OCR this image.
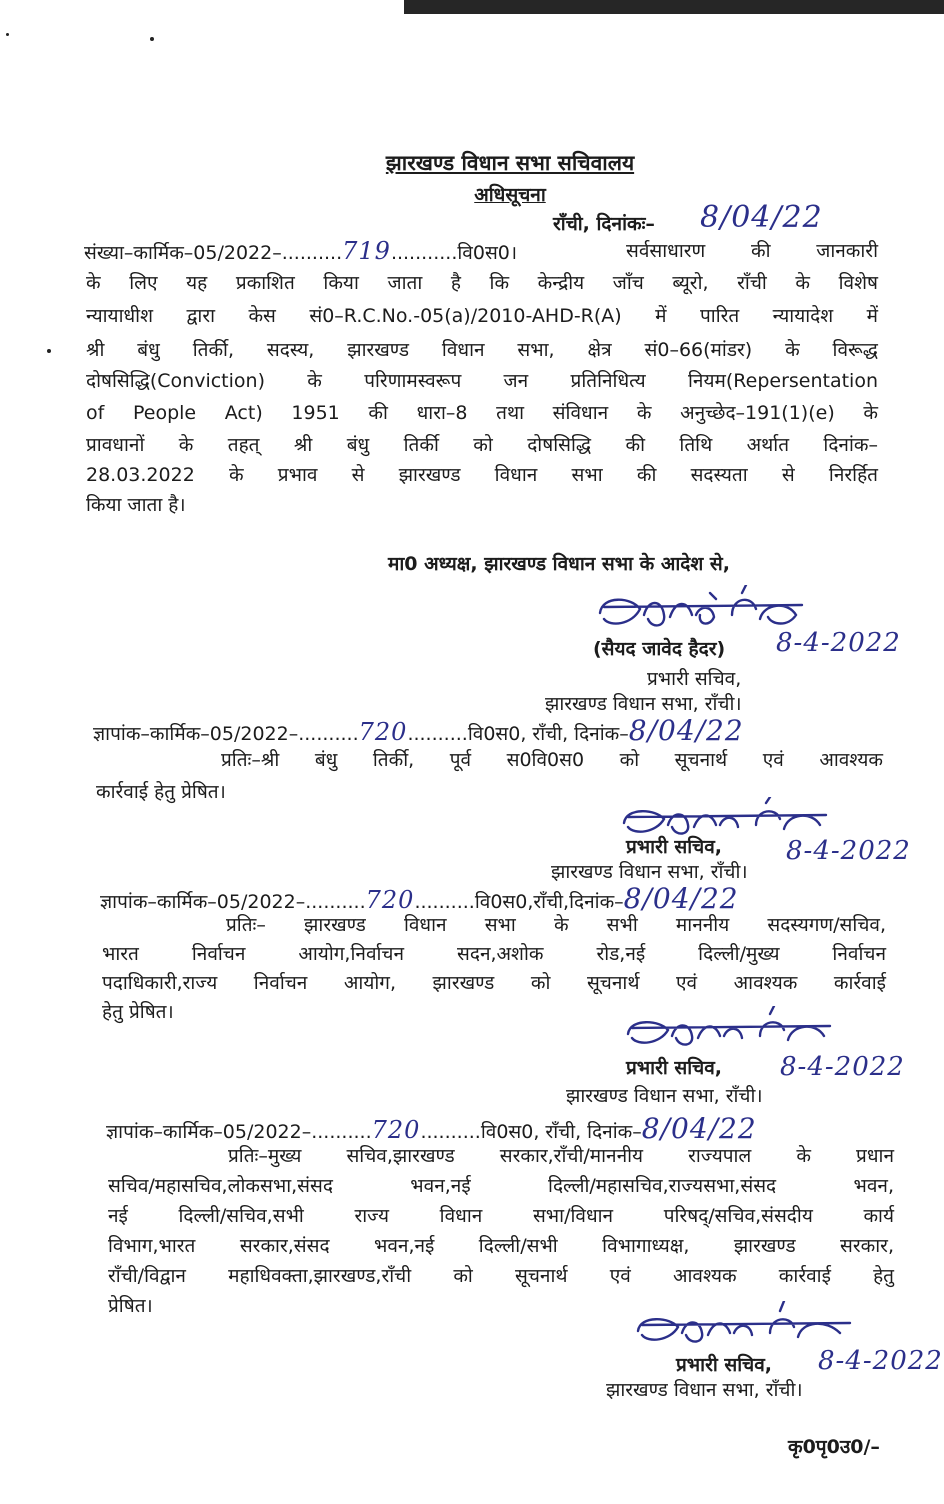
झारखण्ड विधान सभा सचिवालय
अधिसूचना
राँची, दिनांकः– 8/04/22
संख्या–कार्मिक–05/2022–..........719...........वि0स0।	सर्वसाधारण की जानकारी
के लिए यह प्रकाशित किया जाता है कि केन्द्रीय जाँच ब्यूरो, राँची के विशेष
न्यायाधीश द्वारा केस सं0–R.C.No.-05(a)/2010-AHD-R(A) में पारित न्यायादेश में
श्री बंधु तिर्की, सदस्य, झारखण्ड विधान सभा, क्षेत्र सं0–66(मांडर) के विरूद्ध
दोषसिद्धि(Conviction) के परिणामस्वरूप जन प्रतिनिधित्य नियम(Repersentation
of People Act) 1951 की धारा–8 तथा संविधान के अनुच्छेद–191(1)(e) के
प्रावधानों के तहत् श्री बंधु तिर्की को दोषसिद्धि की तिथि अर्थात दिनांक–
28.03.2022 के प्रभाव से झारखण्ड विधान सभा की सदस्यता से निरर्हित
किया जाता है।
मा0 अध्यक्ष, झारखण्ड विधान सभा के आदेश से,
(सैयद जावेद हैदर) 8-4-2022
प्रभारी सचिव,
झारखण्ड विधान सभा, राँची।
ज्ञापांक–कार्मिक–05/2022–..........720..........वि0स0, राँची, दिनांक–8/04/22
प्रतिः–श्री बंधु तिर्की, पूर्व स0वि0स0 को सूचनार्थ एवं आवश्यक
कार्रवाई हेतु प्रेषित।
प्रभारी सचिव, 8-4-2022
झारखण्ड विधान सभा, राँची।
ज्ञापांक–कार्मिक–05/2022–..........720..........वि0स0,राँची,दिनांक–8/04/22
प्रतिः– झारखण्ड विधान सभा के सभी माननीय सदस्यगण/सचिव,
भारत निर्वाचन आयोग,निर्वाचन सदन,अशोक रोड,नई दिल्ली/मुख्य निर्वाचन
पदाधिकारी,राज्य निर्वाचन आयोग, झारखण्ड को सूचनार्थ एवं आवश्यक कार्रवाई
हेतु प्रेषित।
प्रभारी सचिव, 8-4-2022
झारखण्ड विधान सभा, राँची।
ज्ञापांक–कार्मिक–05/2022–..........720..........वि0स0, राँची, दिनांक–8/04/22
प्रतिः–मुख्य सचिव,झारखण्ड सरकार,राँची/माननीय राज्यपाल के प्रधान
सचिव/महासचिव,लोकसभा,संसद भवन,नई दिल्ली/महासचिव,राज्यसभा,संसद भवन,
नई दिल्ली/सचिव,सभी राज्य विधान सभा/विधान परिषद्/सचिव,संसदीय कार्य
विभाग,भारत सरकार,संसद भवन,नई दिल्ली/सभी विभागाध्यक्ष, झारखण्ड सरकार,
राँची/विद्वान महाधिवक्ता,झारखण्ड,राँची को सूचनार्थ एवं आवश्यक कार्रवाई हेतु
प्रेषित।
प्रभारी सचिव, 8-4-2022
झारखण्ड विधान सभा, राँची।
कृ0पृ0उ0/–
